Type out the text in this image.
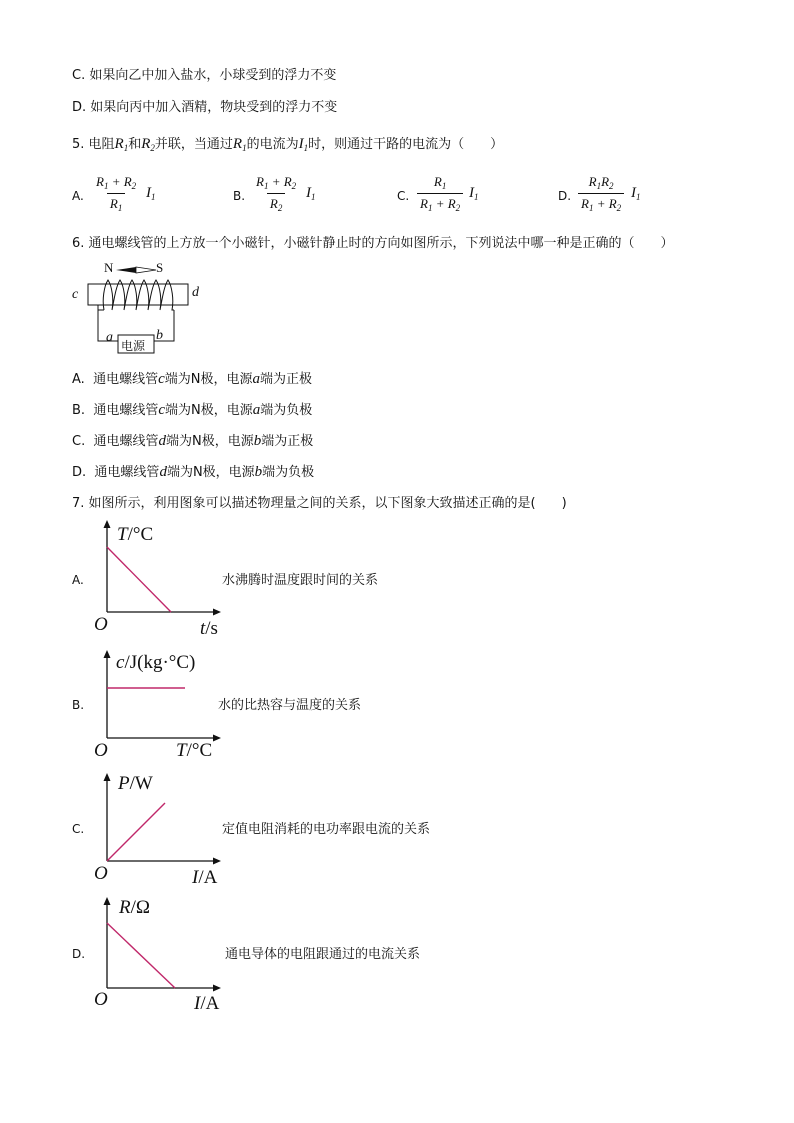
C. 如果向乙中加入盐水，小球受到的浮力不变
D. 如果向丙中加入酒精，物块受到的浮力不变
5. 电阻$R_1$和$R_2$并联，当通过$R_1$的电流为$I_1$时，则通过干路的电流为（　　）
A. $\frac{R_1 + R_2}{R_1} I_1$	B. $\frac{R_1 + R_2}{R_2} I_1$	C. $\frac{R_1}{R_1 + R_2} I_1$	D. $\frac{R_1R_2}{R_1 + R_2} I_1$
6. 通电螺线管的上方放一个小磁针，小磁针静止时的方向如图所示，下列说法中哪一种是正确的（　　）
N	S
c	d
a	b
电源
A. 通电螺线管c端为N极，电源a端为正极
B. 通电螺线管c端为N极，电源a端为负极
C. 通电螺线管d端为N极，电源b端为正极
D. 通电螺线管d端为N极，电源b端为负极
7. 如图所示，利用图象可以描述物理量之间的关系，以下图象大致描述正确的是(　　)
A.
T/°C
O	t/s
水沸腾时温度跟时间的关系
B.
c/J(kg·°C)
O	T/°C
水的比热容与温度的关系
C.
P/W
O	I/A
定值电阻消耗的电功率跟电流的关系
D.
R/Ω
O	I/A
通电导体的电阻跟通过的电流关系
